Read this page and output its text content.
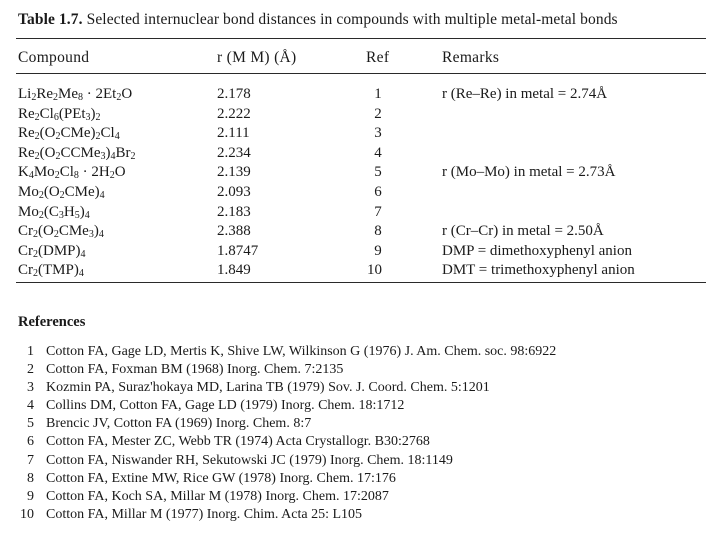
Table 1.7. Selected internuclear bond distances in compounds with multiple metal-metal bonds
Compound	r (M M) (Å)	Ref	Remarks
$Li_2Re_2Me_8 \cdot 2Et_2O$	2.178	1	r (Re–Re) in metal = 2.74Å
$Re_2Cl_6(PEt_3)_2$	2.222	2
$Re_2(O_2CMe)_2Cl_4$	2.111	3
$Re_2(O_2CCMe_3)_4Br_2$	2.234	4
$K_4Mo_2Cl_8 \cdot 2H_2O$	2.139	5	r (Mo–Mo) in metal = 2.73Å
$Mo_2(O_2CMe)_4$	2.093	6
$Mo_2(C_3H_5)_4$	2.183	7
$Cr_2(O_2CMe_3)_4$	2.388	8	r (Cr–Cr) in metal = 2.50Å
$Cr_2(DMP)_4$	1.8747	9	DMP = dimethoxyphenyl anion
$Cr_2(TMP)_4$	1.849	10	DMT = trimethoxyphenyl anion
References
1 Cotton FA, Gage LD, Mertis K, Shive LW, Wilkinson G (1976) J. Am. Chem. soc. 98:6922
2 Cotton FA, Foxman BM (1968) Inorg. Chem. 7:2135
3 Kozmin PA, Suraz'hokaya MD, Larina TB (1979) Sov. J. Coord. Chem. 5:1201
4 Collins DM, Cotton FA, Gage LD (1979) Inorg. Chem. 18:1712
5 Brencic JV, Cotton FA (1969) Inorg. Chem. 8:7
6 Cotton FA, Mester ZC, Webb TR (1974) Acta Crystallogr. B30:2768
7 Cotton FA, Niswander RH, Sekutowski JC (1979) Inorg. Chem. 18:1149
8 Cotton FA, Extine MW, Rice GW (1978) Inorg. Chem. 17:176
9 Cotton FA, Koch SA, Millar M (1978) Inorg. Chem. 17:2087
10 Cotton FA, Millar M (1977) Inorg. Chim. Acta 25: L105
